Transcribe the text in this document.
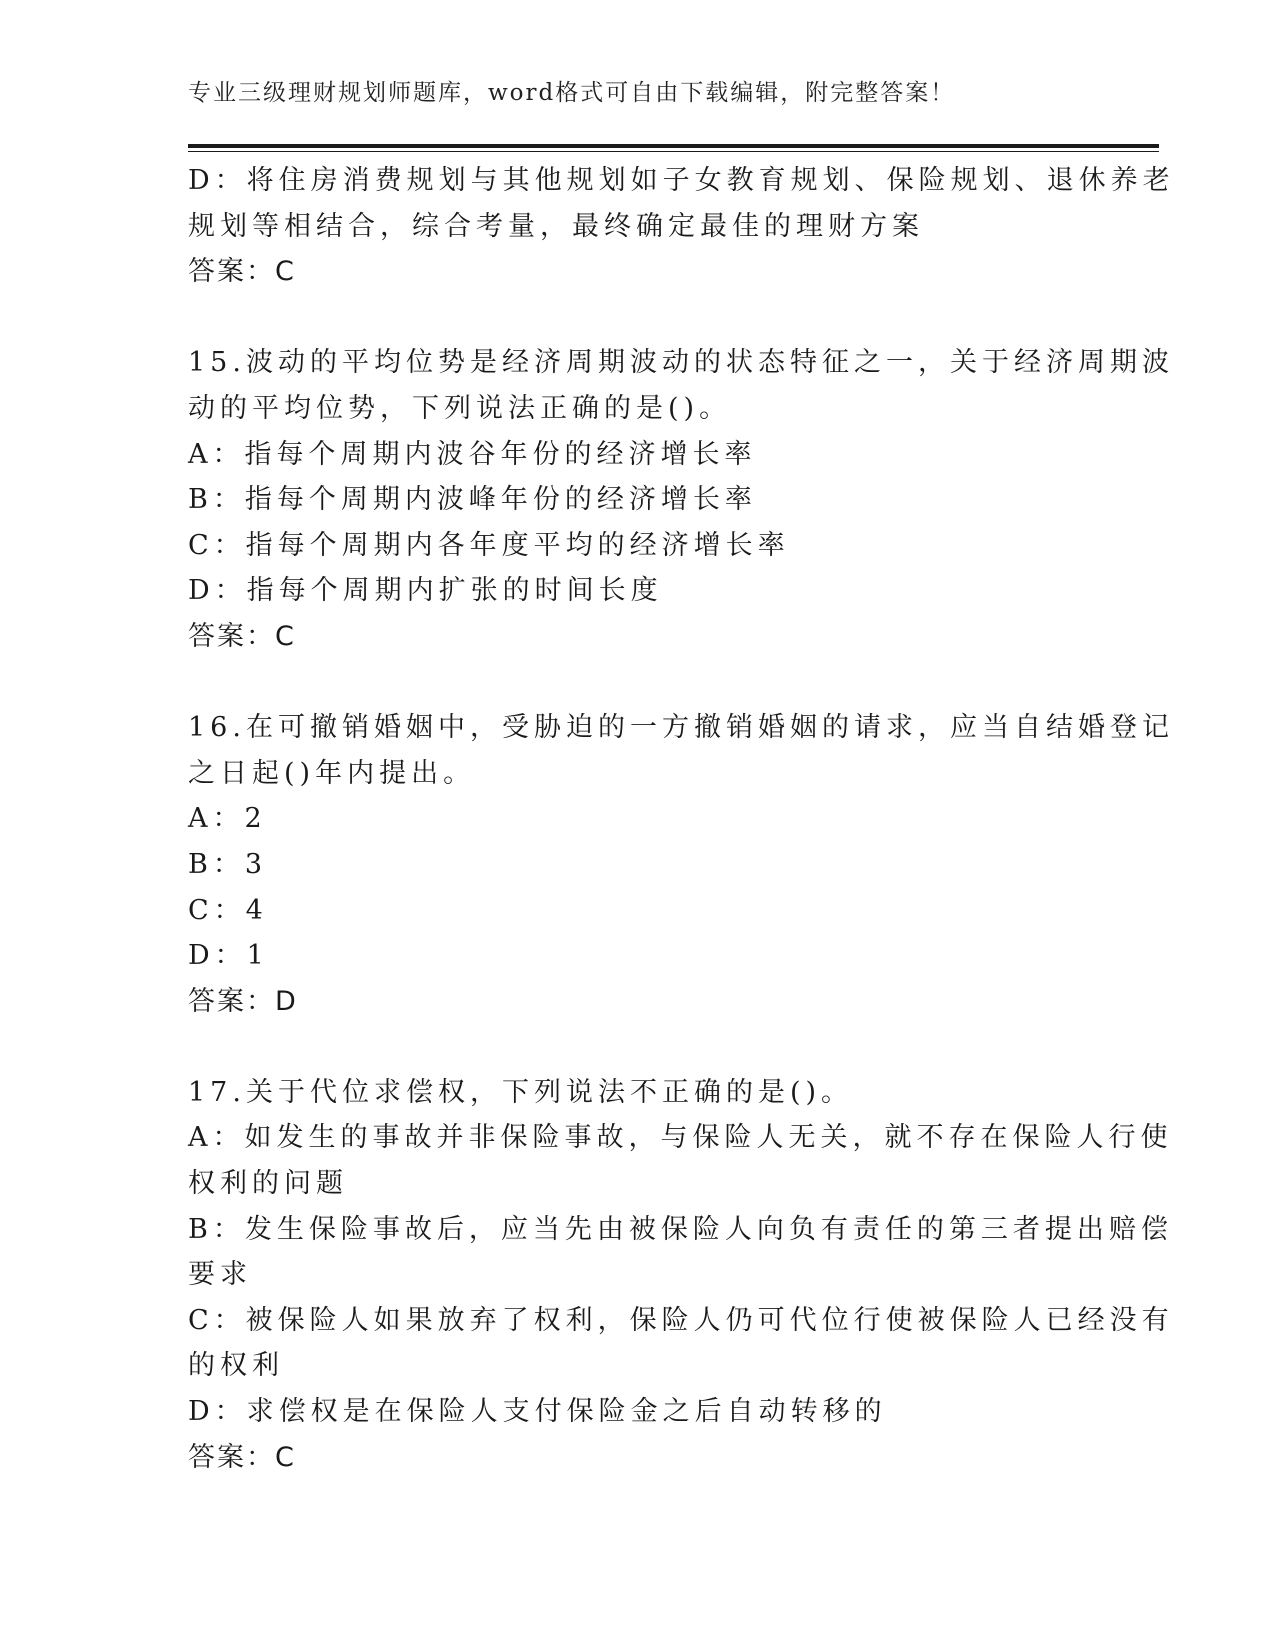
专业三级理财规划师题库，word格式可自由下载编辑，附完整答案！
D：将住房消费规划与其他规划如子女教育规划、保险规划、退休养老
规划等相结合，综合考量，最终确定最佳的理财方案
答案：C
15.波动的平均位势是经济周期波动的状态特征之一，关于经济周期波
动的平均位势，下列说法正确的是()。
A：指每个周期内波谷年份的经济增长率
B：指每个周期内波峰年份的经济增长率
C：指每个周期内各年度平均的经济增长率
D：指每个周期内扩张的时间长度
答案：C
16.在可撤销婚姻中，受胁迫的一方撤销婚姻的请求，应当自结婚登记
之日起()年内提出。
A：2
B：3
C：4
D：1
答案：D
17.关于代位求偿权，下列说法不正确的是()。
A：如发生的事故并非保险事故，与保险人无关，就不存在保险人行使
权利的问题
B：发生保险事故后，应当先由被保险人向负有责任的第三者提出赔偿
要求
C：被保险人如果放弃了权利，保险人仍可代位行使被保险人已经没有
的权利
D：求偿权是在保险人支付保险金之后自动转移的
答案：C
